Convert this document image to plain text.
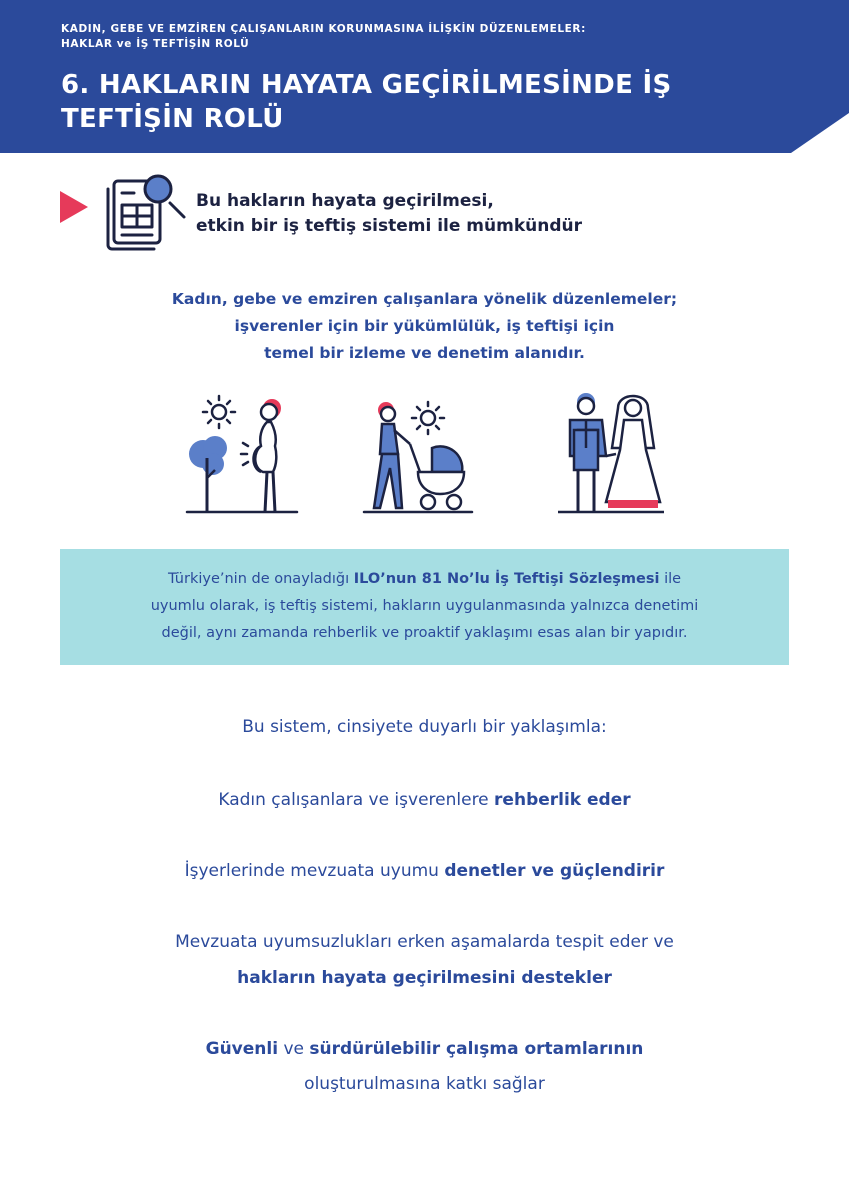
KADIN, GEBE VE EMZİREN ÇALIŞANLARIN KORUNMASINA İLİŞKİN DÜZENLEMELER:
HAKLAR ve İŞ TEFTİŞİN ROLÜ
6. HAKLARIN HAYATA GEÇİRİLMESİNDE İŞ
TEFTİŞİN ROLÜ
Bu hakların hayata geçirilmesi,
etkin bir iş teftiş sistemi ile mümkündür
Kadın, gebe ve emziren çalışanlara yönelik düzenlemeler;
işverenler için bir yükümlülük, iş teftişi için
temel bir izleme ve denetim alanıdır.
Türkiye’nin de onayladığı ILO’nun 81 No’lu İş Teftişi Sözleşmesi ile
uyumlu olarak, iş teftiş sistemi, hakların uygulanmasında yalnızca denetimi
değil, aynı zamanda rehberlik ve proaktif yaklaşımı esas alan bir yapıdır.
Bu sistem, cinsiyete duyarlı bir yaklaşımla:
Kadın çalışanlara ve işverenlere rehberlik eder
İşyerlerinde mevzuata uyumu denetler ve güçlendirir
Mevzuata uyumsuzlukları erken aşamalarda tespit eder ve
hakların hayata geçirilmesini destekler
Güvenli ve sürdürülebilir çalışma ortamlarının
oluşturulmasına katkı sağlar
